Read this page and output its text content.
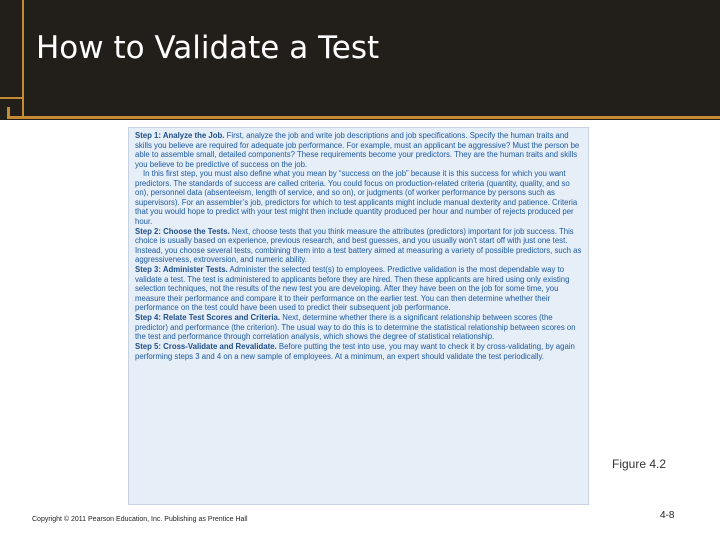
How to Validate a Test
Step 1: Analyze the Job. First, analyze the job and write job descriptions and job specifications. Specify the human traits and skills you believe are required for adequate job performance. For example, must an applicant be aggressive? Must the person be able to assemble small, detailed components? These requirements become your predictors. They are the human traits and skills you believe to be predictive of success on the job.

In this first step, you must also define what you mean by “success on the job” because it is this success for which you want predictors. The standards of success are called criteria. You could focus on production-related criteria (quantity, quality, and so on), personnel data (absenteeism, length of service, and so on), or judgments (of worker performance by persons such as supervisors). For an assembler’s job, predictors for which to test applicants might include manual dexterity and patience. Criteria that you would hope to predict with your test might then include quantity produced per hour and number of rejects produced per hour.

Step 2: Choose the Tests. Next, choose tests that you think measure the attributes (predictors) important for job success. This choice is usually based on experience, previous research, and best guesses, and you usually won’t start off with just one test. Instead, you choose several tests, combining them into a test battery aimed at measuring a variety of possible predictors, such as aggressiveness, extroversion, and numeric ability.
Step 3: Administer Tests. Administer the selected test(s) to employees. Predictive validation is the most dependable way to validate a test. The test is administered to applicants before they are hired. Then these applicants are hired using only existing selection techniques, not the results of the new test you are developing. After they have been on the job for some time, you measure their performance and compare it to their performance on the earlier test. You can then determine whether their performance on the test could have been used to predict their subsequent job performance.
Step 4: Relate Test Scores and Criteria. Next, determine whether there is a significant relationship between scores (the predictor) and performance (the criterion). The usual way to do this is to determine the statistical relationship between scores on the test and performance through correlation analysis, which shows the degree of statistical relationship.
Step 5: Cross-Validate and Revalidate. Before putting the test into use, you may want to check it by cross-validating, by again performing steps 3 and 4 on a new sample of employees. At a minimum, an expert should validate the test periodically.
Figure 4.2
Copyright © 2011 Pearson Education, Inc. Publishing as Prentice Hall	4-8
